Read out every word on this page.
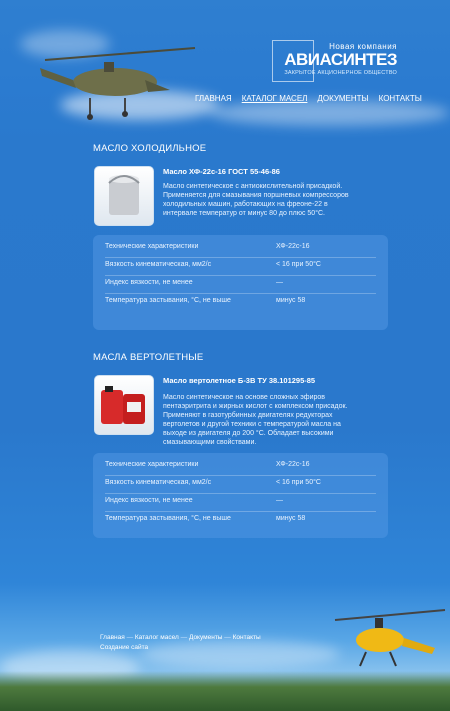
Новая компания
АВИАСИНТЕЗ
ЗАКРЫТОЕ АКЦИОНЕРНОЕ ОБЩЕСТВО
ГЛАВНАЯ КАТАЛОГ МАСЕЛ ДОКУМЕНТЫ КОНТАКТЫ
МАСЛО ХОЛОДИЛЬНОЕ
Масло ХФ-22с-16 ГОСТ 55-46-86
Масло синтетическое с антиокислительной присадкой. Применяется для смазывания поршневых компрессоров холодильных машин, работающих на фреоне-22 в интервале температур от минус 80 до плюс 50°С.
Технические характеристики	ХФ-22с-16
Вязкость кинематическая, мм2/с	< 16 при 50°С
Индекс вязкости, не менее	—
Температура застывания, °С, не выше	минус 58
МАСЛА ВЕРТОЛЕТНЫЕ
Масло вертолетное Б-3В ТУ 38.101295-85
Масло синтетическое на основе сложных эфиров пентаэритрита и жирных кислот с комплексом присадок. Применяют в газотурбинных двигателях редукторах вертолетов и другой техники с температурой масла на выходе из двигателя до 200 °С. Обладает высокими смазывающими свойствами.
Технические характеристики	ХФ-22с-16
Вязкость кинематическая, мм2/с	< 16 при 50°С
Индекс вязкости, не менее	—
Температура застывания, °С, не выше	минус 58
Главная — Каталог масел — Документы — Контакты
Создание сайта
